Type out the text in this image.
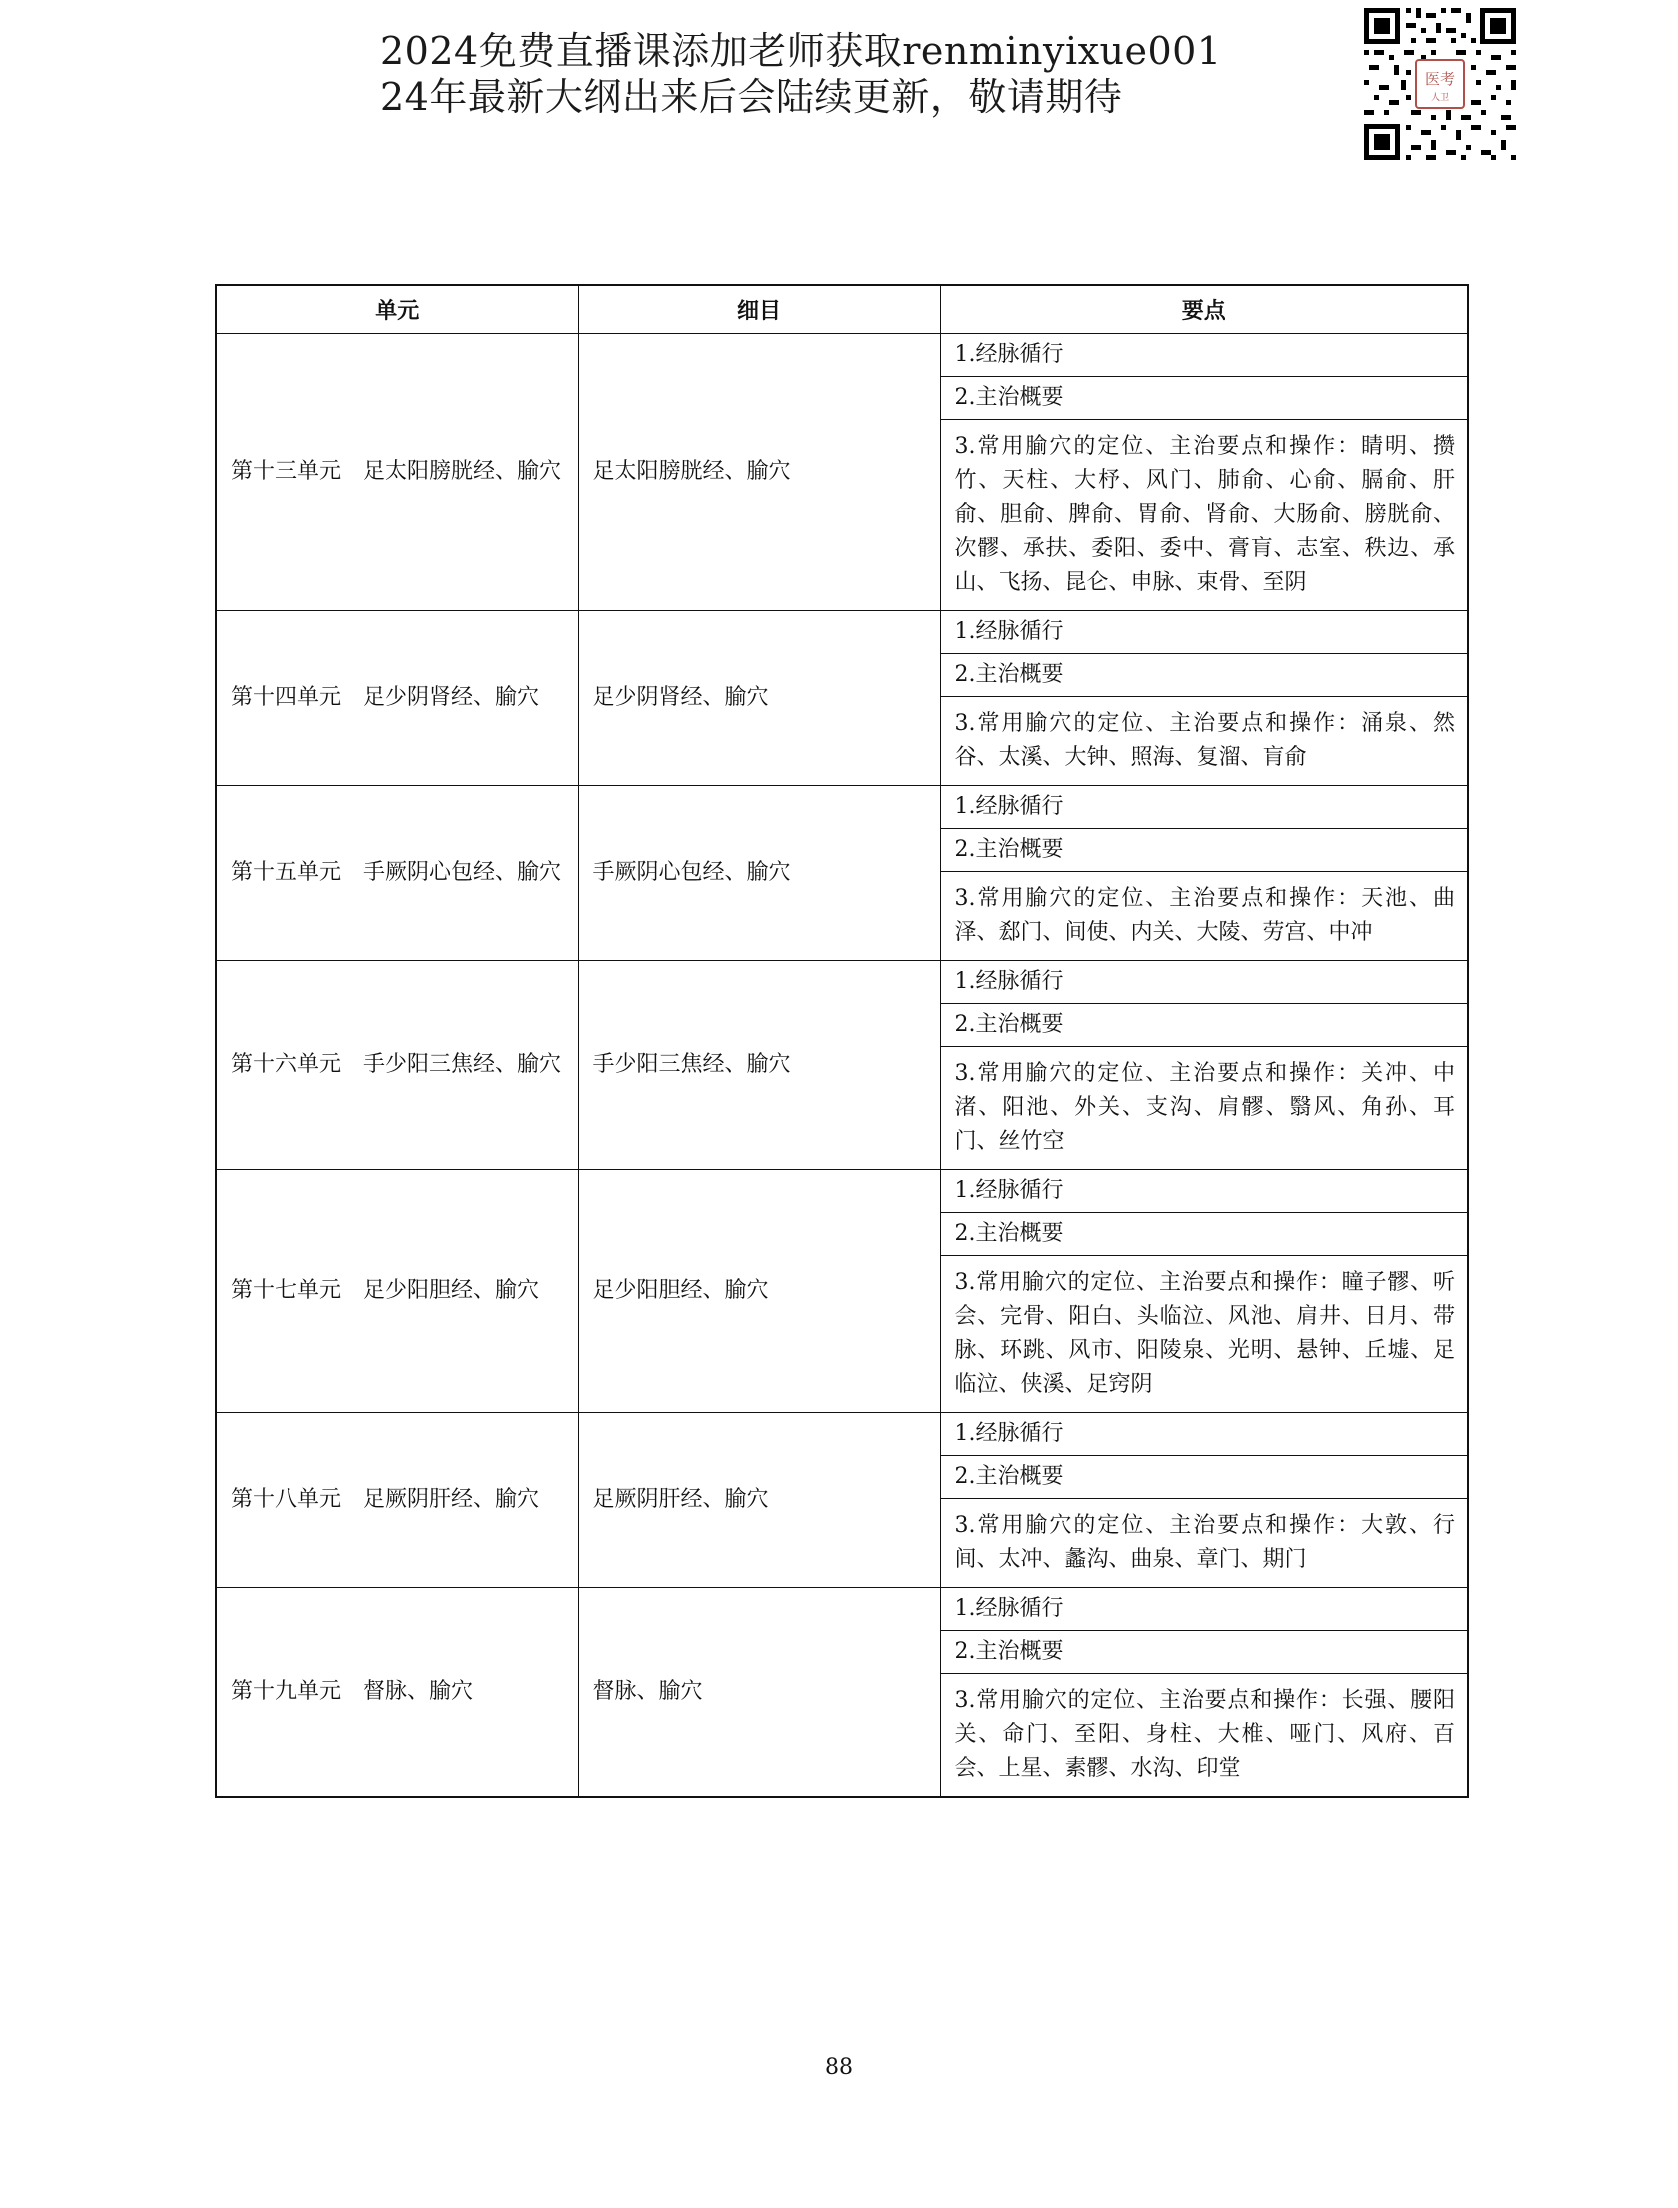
2024免费直播课添加老师获取renminyixue001
24年最新大纲出来后会陆续更新，敬请期待	医考
人卫
单元	细目	要点
第十三单元　足太阳膀胱经、腧穴	足太阳膀胱经、腧穴	1.经脉循行
		2.主治概要
		3.常用腧穴的定位、主治要点和操作：睛明、攒竹、天柱、大杼、风门、肺俞、心俞、膈俞、肝俞、胆俞、脾俞、胃俞、肾俞、大肠俞、膀胱俞、次髎、承扶、委阳、委中、膏肓、志室、秩边、承山、飞扬、昆仑、申脉、束骨、至阴
第十四单元　足少阴肾经、腧穴	足少阴肾经、腧穴	1.经脉循行
		2.主治概要
		3.常用腧穴的定位、主治要点和操作：涌泉、然谷、太溪、大钟、照海、复溜、肓俞
第十五单元　手厥阴心包经、腧穴	手厥阴心包经、腧穴	1.经脉循行
		2.主治概要
		3.常用腧穴的定位、主治要点和操作：天池、曲泽、郄门、间使、内关、大陵、劳宫、中冲
第十六单元　手少阳三焦经、腧穴	手少阳三焦经、腧穴	1.经脉循行
		2.主治概要
		3.常用腧穴的定位、主治要点和操作：关冲、中渚、阳池、外关、支沟、肩髎、翳风、角孙、耳门、丝竹空
第十七单元　足少阳胆经、腧穴	足少阳胆经、腧穴	1.经脉循行
		2.主治概要
		3.常用腧穴的定位、主治要点和操作：瞳子髎、听会、完骨、阳白、头临泣、风池、肩井、日月、带脉、环跳、风市、阳陵泉、光明、悬钟、丘墟、足临泣、侠溪、足窍阴
第十八单元　足厥阴肝经、腧穴	足厥阴肝经、腧穴	1.经脉循行
		2.主治概要
		3.常用腧穴的定位、主治要点和操作：大敦、行间、太冲、蠡沟、曲泉、章门、期门
第十九单元　督脉、腧穴	督脉、腧穴	1.经脉循行
		2.主治概要
		3.常用腧穴的定位、主治要点和操作：长强、腰阳关、命门、至阳、身柱、大椎、哑门、风府、百会、上星、素髎、水沟、印堂
88
